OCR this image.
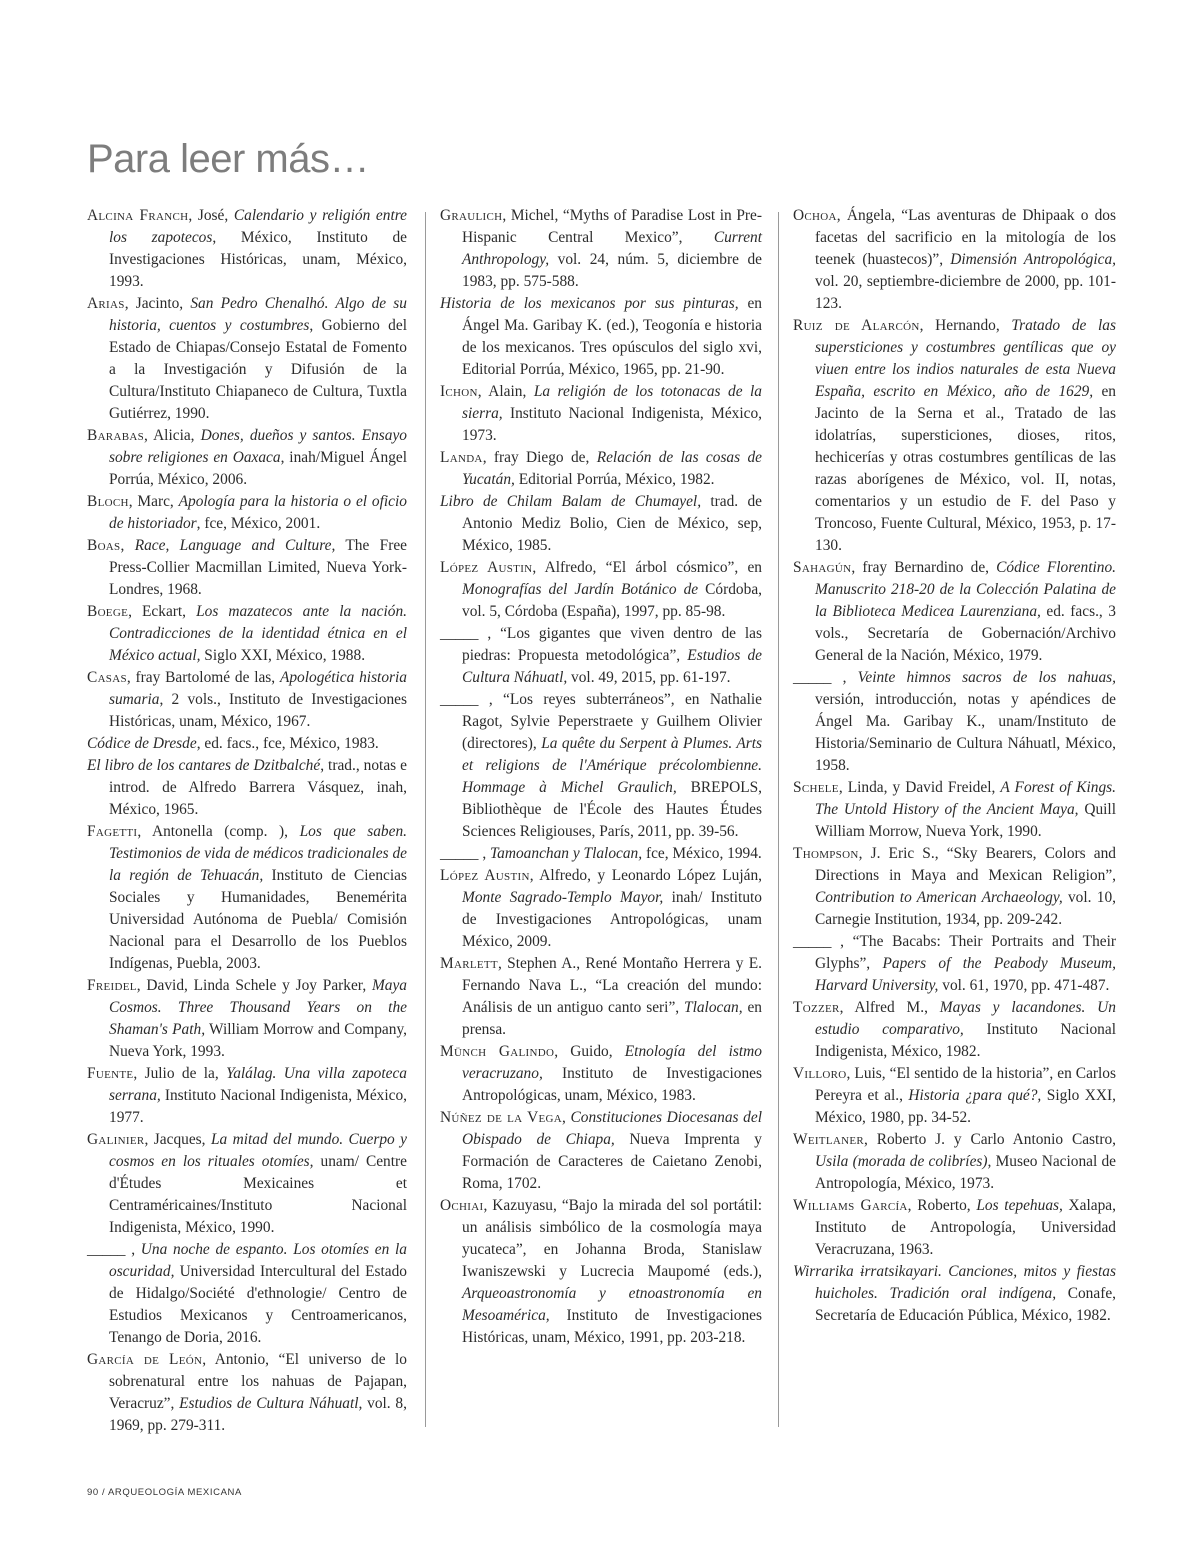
Para leer más…

Alcina Franch, José, Calendario y religión entre los zapotecos, México, Instituto de Investigaciones Históricas, unam, México, 1993.

Arias, Jacinto, San Pedro Chenalhó. Algo de su historia, cuentos y costumbres, Gobierno del Estado de Chiapas/Consejo Estatal de Fomento a la Investigación y Difusión de la Cultura/Instituto Chiapaneco de Cultura, Tuxtla Gutiérrez, 1990.

Barabas, Alicia, Dones, dueños y santos. Ensayo sobre religiones en Oaxaca, inah/Miguel Ángel Porrúa, México, 2006.

Bloch, Marc, Apología para la historia o el oficio de historiador, fce, México, 2001.

Boas, Race, Language and Culture, The Free Press-Collier Macmillan Limited, Nueva York-Londres, 1968.

Boege, Eckart, Los mazatecos ante la nación. Contradicciones de la identidad étnica en el México actual, Siglo XXI, México, 1988.

Casas, fray Bartolomé de las, Apologética historia sumaria, 2 vols., Instituto de Investigaciones Históricas, unam, México, 1967.

Códice de Dresde, ed. facs., fce, México, 1983.

El libro de los cantares de Dzitbalché, trad., notas e introd. de Alfredo Barrera Vásquez, inah, México, 1965.

Fagetti, Antonella (comp. ), Los que saben. Testimonios de vida de médicos tradicionales de la región de Tehuacán, Instituto de Ciencias Sociales y Humanidades, Benemérita Universidad Autónoma de Puebla/ Comisión Nacional para el Desarrollo de los Pueblos Indígenas, Puebla, 2003.

Freidel, David, Linda Schele y Joy Parker, Maya Cosmos. Three Thousand Years on the Shaman's Path, William Morrow and Company, Nueva York, 1993.

Fuente, Julio de la, Yalálag. Una villa zapoteca serrana, Instituto Nacional Indigenista, México, 1977.

Galinier, Jacques, La mitad del mundo. Cuerpo y cosmos en los rituales otomíes, unam/ Centre d'Études Mexicaines et Centraméricaines/Instituto Nacional Indigenista, México, 1990.

_____ , Una noche de espanto. Los otomíes en la oscuridad, Universidad Intercultural del Estado de Hidalgo/Société d'ethnologie/ Centro de Estudios Mexicanos y Centroamericanos, Tenango de Doria, 2016.

García de León, Antonio, “El universo de lo sobrenatural entre los nahuas de Pajapan, Veracruz”, Estudios de Cultura Náhuatl, vol. 8, 1969, pp. 279-311.

Graulich, Michel, “Myths of Paradise Lost in Pre-Hispanic Central Mexico”, Current Anthropology, vol. 24, núm. 5, diciembre de 1983, pp. 575-588.

Historia de los mexicanos por sus pinturas, en Ángel Ma. Garibay K. (ed.), Teogonía e historia de los mexicanos. Tres opúsculos del siglo xvi, Editorial Porrúa, México, 1965, pp. 21-90.

Ichon, Alain, La religión de los totonacas de la sierra, Instituto Nacional Indigenista, México, 1973.

Landa, fray Diego de, Relación de las cosas de Yucatán, Editorial Porrúa, México, 1982.

Libro de Chilam Balam de Chumayel, trad. de Antonio Mediz Bolio, Cien de México, sep, México, 1985.

López Austin, Alfredo, “El árbol cósmico”, en Monografías del Jardín Botánico de Córdoba, vol. 5, Córdoba (España), 1997, pp. 85-98.

_____ , “Los gigantes que viven dentro de las piedras: Propuesta metodológica”, Estudios de Cultura Náhuatl, vol. 49, 2015, pp. 61-197.

_____ , “Los reyes subterráneos”, en Nathalie Ragot, Sylvie Peperstraete y Guilhem Olivier (directores), La quête du Serpent à Plumes. Arts et religions de l'Amérique précolombienne. Hommage à Michel Graulich, BREPOLS, Bibliothèque de l'École des Hautes Études Sciences Religiouses, París, 2011, pp. 39-56.

_____ , Tamoanchan y Tlalocan, fce, México, 1994.

López Austin, Alfredo, y Leonardo López Luján, Monte Sagrado-Templo Mayor, inah/ Instituto de Investigaciones Antropológicas, unam México, 2009.

Marlett, Stephen A., René Montaño Herrera y E. Fernando Nava L., “La creación del mundo: Análisis de un antiguo canto seri”, Tlalocan, en prensa.

Münch Galindo, Guido, Etnología del istmo veracruzano, Instituto de Investigaciones Antropológicas, unam, México, 1983.

Núñez de la Vega, Constituciones Diocesanas del Obispado de Chiapa, Nueva Imprenta y Formación de Caracteres de Caietano Zenobi, Roma, 1702.

Ochiai, Kazuyasu, “Bajo la mirada del sol portátil: un análisis simbólico de la cosmología maya yucateca”, en Johanna Broda, Stanislaw Iwaniszewski y Lucrecia Maupomé (eds.), Arqueoastronomía y etnoastronomía en Mesoamérica, Instituto de Investigaciones Históricas, unam, México, 1991, pp. 203-218.

Ochoa, Ángela, “Las aventuras de Dhipaak o dos facetas del sacrificio en la mitología de los teenek (huastecos)”, Dimensión Antropológica, vol. 20, septiembre-diciembre de 2000, pp. 101-123.

Ruiz de Alarcón, Hernando, Tratado de las supersticiones y costumbres gentílicas que oy viuen entre los indios naturales de esta Nueva España, escrito en México, año de 1629, en Jacinto de la Serna et al., Tratado de las idolatrías, supersticiones, dioses, ritos, hechicerías y otras costumbres gentílicas de las razas aborígenes de México, vol. II, notas, comentarios y un estudio de F. del Paso y Troncoso, Fuente Cultural, México, 1953, p. 17-130.

Sahagún, fray Bernardino de, Códice Florentino. Manuscrito 218-20 de la Colección Palatina de la Biblioteca Medicea Laurenziana, ed. facs., 3 vols., Secretaría de Gobernación/Archivo General de la Nación, México, 1979.

_____ , Veinte himnos sacros de los nahuas, versión, introducción, notas y apéndices de Ángel Ma. Garibay K., unam/Instituto de Historia/Seminario de Cultura Náhuatl, México, 1958.

Schele, Linda, y David Freidel, A Forest of Kings. The Untold History of the Ancient Maya, Quill William Morrow, Nueva York, 1990.

Thompson, J. Eric S., “Sky Bearers, Colors and Directions in Maya and Mexican Religion”, Contribution to American Archaeology, vol. 10, Carnegie Institution, 1934, pp. 209-242.

_____ , “The Bacabs: Their Portraits and Their Glyphs”, Papers of the Peabody Museum, Harvard University, vol. 61, 1970, pp. 471-487.

Tozzer, Alfred M., Mayas y lacandones. Un estudio comparativo, Instituto Nacional Indigenista, México, 1982.

Villoro, Luis, “El sentido de la historia”, en Carlos Pereyra et al., Historia ¿para qué?, Siglo XXI, México, 1980, pp. 34-52.

Weitlaner, Roberto J. y Carlo Antonio Castro, Usila (morada de colibríes), Museo Nacional de Antropología, México, 1973.

Williams García, Roberto, Los tepehuas, Xalapa, Instituto de Antropología, Universidad Veracruzana, 1963.

Wirrarika ɨrratsikayari. Canciones, mitos y fiestas huicholes. Tradición oral indígena, Conafe, Secretaría de Educación Pública, México, 1982.

90 / ARQUEOLOGÍA MEXICANA
